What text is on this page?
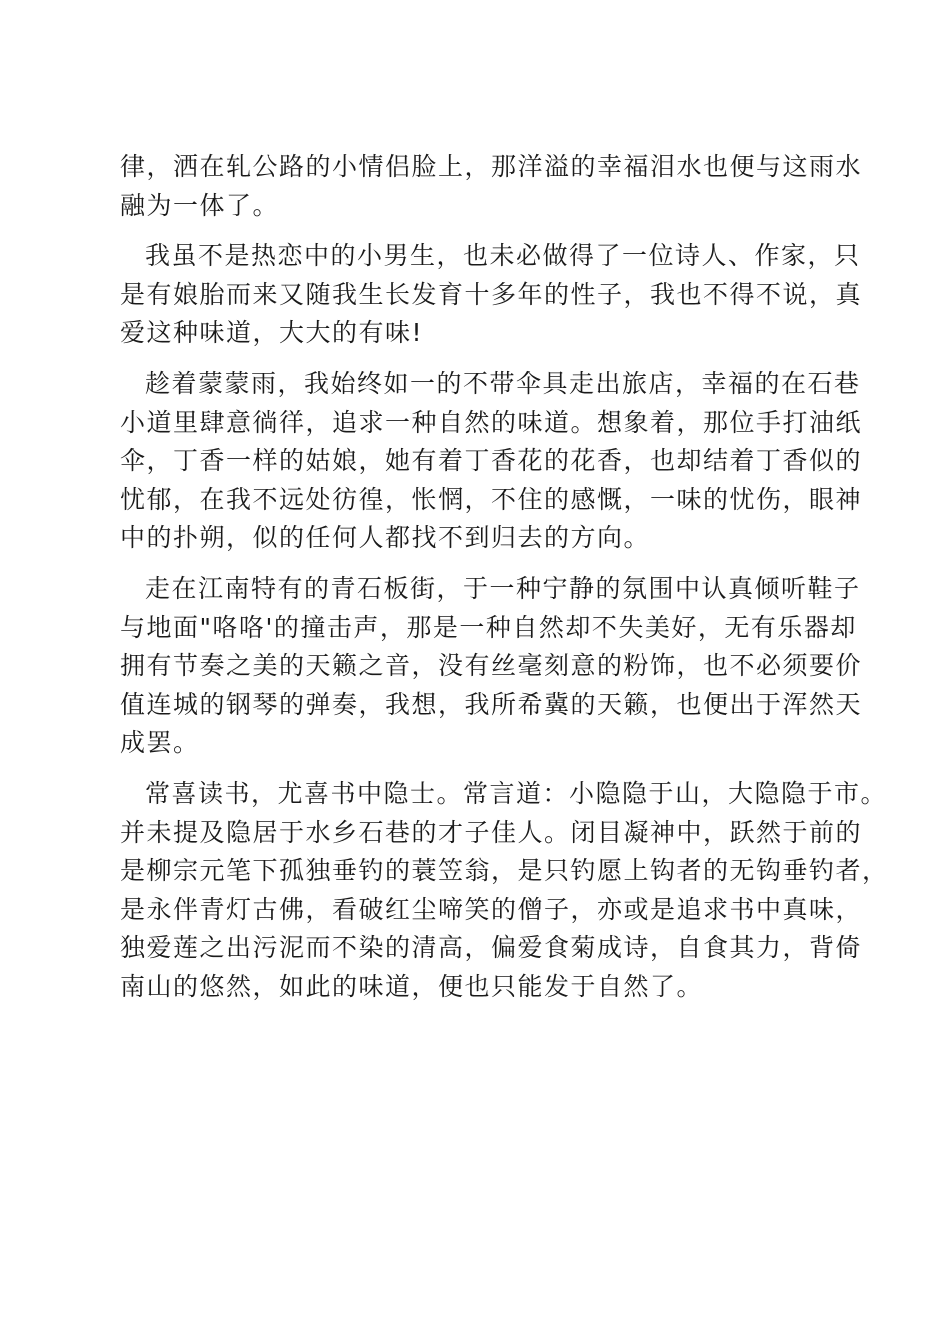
律，洒在轧公路的小情侣脸上，那洋溢的幸福泪水也便与这雨水
融为一体了。
我虽不是热恋中的小男生，也未必做得了一位诗人、作家，只
是有娘胎而来又随我生长发育十多年的性子，我也不得不说，真
爱这种味道，大大的有味!
趁着蒙蒙雨，我始终如一的不带伞具走出旅店，幸福的在石巷
小道里肆意徜徉，追求一种自然的味道。想象着，那位手打油纸
伞，丁香一样的姑娘，她有着丁香花的花香，也却结着丁香似的
忧郁，在我不远处彷徨，怅惘，不住的感慨，一味的忧伤，眼神
中的扑朔，似的任何人都找不到归去的方向。
走在江南特有的青石板街，于一种宁静的氛围中认真倾听鞋子
与地面"咯咯'的撞击声，那是一种自然却不失美好，无有乐器却
拥有节奏之美的天籁之音，没有丝毫刻意的粉饰，也不必须要价
值连城的钢琴的弹奏，我想，我所希冀的天籁，也便出于浑然天
成罢。
常喜读书，尤喜书中隐士。常言道：小隐隐于山，大隐隐于市。
并未提及隐居于水乡石巷的才子佳人。闭目凝神中，跃然于前的
是柳宗元笔下孤独垂钓的蓑笠翁，是只钓愿上钩者的无钩垂钓者，
是永伴青灯古佛，看破红尘啼笑的僧子，亦或是追求书中真味，
独爱莲之出污泥而不染的清高，偏爱食菊成诗，自食其力，背倚
南山的悠然，如此的味道，便也只能发于自然了。
